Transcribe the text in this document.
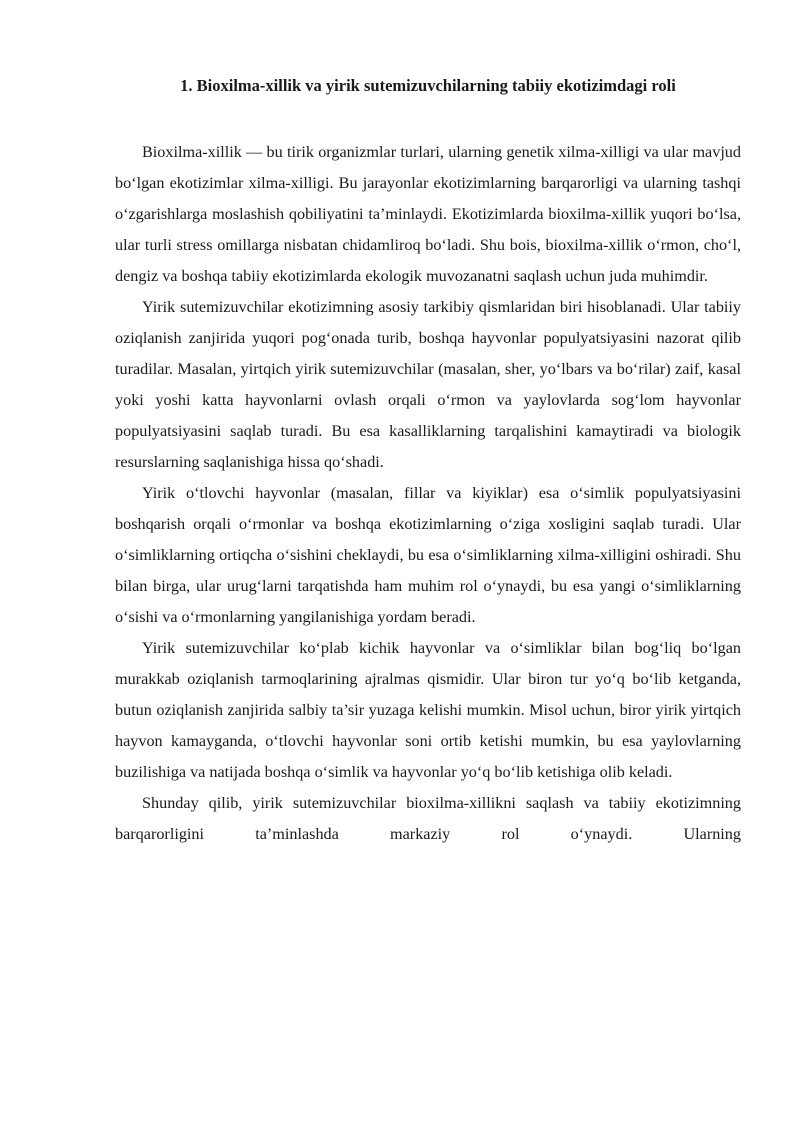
1. Bioxilma-xillik va yirik sutemizuvchilarning tabiiy ekotizimdagi roli

Bioxilma-xillik — bu tirik organizmlar turlari, ularning genetik xilma-xilligi va ular mavjud bo‘lgan ekotizimlar xilma-xilligi. Bu jarayonlar ekotizimlarning barqarorligi va ularning tashqi o‘zgarishlarga moslashish qobiliyatini ta’minlaydi. Ekotizimlarda bioxilma-xillik yuqori bo‘lsa, ular turli stress omillarga nisbatan chidamliroq bo‘ladi. Shu bois, bioxilma-xillik o‘rmon, cho‘l, dengiz va boshqa tabiiy ekotizimlarda ekologik muvozanatni saqlash uchun juda muhimdir.

Yirik sutemizuvchilar ekotizimning asosiy tarkibiy qismlaridan biri hisoblanadi. Ular tabiiy oziqlanish zanjirida yuqori pog‘onada turib, boshqa hayvonlar populyatsiyasini nazorat qilib turadilar. Masalan, yirtqich yirik sutemizuvchilar (masalan, sher, yo‘lbars va bo‘rilar) zaif, kasal yoki yoshi katta hayvonlarni ovlash orqali o‘rmon va yaylovlarda sog‘lom hayvonlar populyatsiyasini saqlab turadi. Bu esa kasalliklarning tarqalishini kamaytiradi va biologik resurslarning saqlanishiga hissa qo‘shadi.

Yirik o‘tlovchi hayvonlar (masalan, fillar va kiyiklar) esa o‘simlik populyatsiyasini boshqarish orqali o‘rmonlar va boshqa ekotizimlarning o‘ziga xosligini saqlab turadi. Ular o‘simliklarning ortiqcha o‘sishini cheklaydi, bu esa o‘simliklarning xilma-xilligini oshiradi. Shu bilan birga, ular urug‘larni tarqatishda ham muhim rol o‘ynaydi, bu esa yangi o‘simliklarning o‘sishi va o‘rmonlarning yangilanishiga yordam beradi.

Yirik sutemizuvchilar ko‘plab kichik hayvonlar va o‘simliklar bilan bog‘liq bo‘lgan murakkab oziqlanish tarmoqlarining ajralmas qismidir. Ular biron tur yo‘q bo‘lib ketganda, butun oziqlanish zanjirida salbiy ta’sir yuzaga kelishi mumkin. Misol uchun, biror yirik yirtqich hayvon kamayganda, o‘tlovchi hayvonlar soni ortib ketishi mumkin, bu esa yaylovlarning buzilishiga va natijada boshqa o‘simlik va hayvonlar yo‘q bo‘lib ketishiga olib keladi.

Shunday qilib, yirik sutemizuvchilar bioxilma-xillikni saqlash va tabiiy ekotizimning barqarorligini ta’minlashda markaziy rol o‘ynaydi. Ularning
